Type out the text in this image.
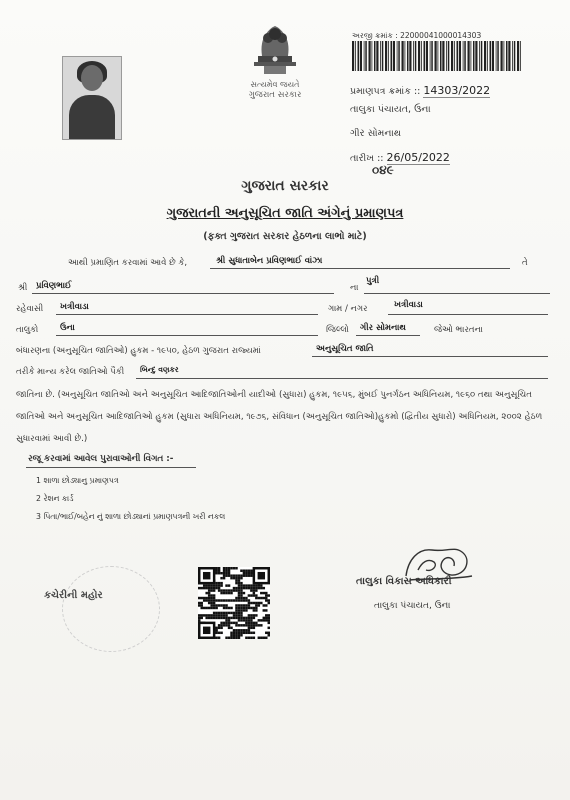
સત્યમેવ જયતે
ગુજરાત સરકાર
અરજી ક્રમાંક : 2200004100001430З
પ્રમાણપત્ર ક્રમાંક :: 14303/2022
તાલુકા પંચાયત, ઉના
ગીર સોમનાથ
તારીખ :: 26/05/2022
૦૪૯
ગુજરાત સરકાર
ગુજરાતની અનુસૂચિત જાતિ અંગેનું પ્રમાણપત્ર
(ફક્ત ગુજરાત સરકાર હેઠળના લાભો માટે)
આથી પ્રમાણિત કરવામાં આવે છે કે,	શ્રી સુધાતાબેન પ્રવિણભાઈ વાંઝા	તે
શ્રી પ્રવિણભાઈ	ના
પુત્રી
રહેવાસી ખત્રીવાડા	ગામ / નગર	ખત્રીવાડા
તાલુકો	ઉના	જિલ્લો ગીર સોમનાથ	જેઓ ભારતના
બંધારણના (અનુસૂચિત જાતિઓ) હુકમ - ૧૯૫૦, હેઠળ ગુજરાત રાજ્યમાં	અનુસૂચિત જાતિ
તરીકે માન્ય કરેલ જાતિઓ પૈકી બિન્દુ વણકર
જાતિના છે. (અનુસૂચિત જાતિઓ અને અનુસૂચિત આદિજાતિઓની યાદીઓ (સુધારા) હુકમ, ૧૯૫૬, મુંબઈ પુનર્ગઠન અધિનિયમ, ૧૯૬૦ તથા અનુસૂચિત જાતિઓ અને અનુસૂચિત આદિજાતિઓ હુકમ (સુધારા અધિનિયમ, ૧૯૭૬, સંવિધાન (અનુસૂચિત જાતિઓ)હુકમો (દ્વિતીય સુધારો) અધિનિયમ, ૨૦૦૨ હેઠળ સુધારવામાં આવી છે.)
રજૂ કરવામાં આવેલ પુરાવાઓની વિગત :-
1 શાળા છોડ્યાનુ પ્રમાણપત્ર
2 રેશન કાર્ડ
3 પિતા/ભાઈ/બહેન નું શાળા છોડ્યાનાં પ્રમાણપત્રની ખરી નકલ
કચેરીની મહોર
તાલુકા વિકાસ અધિકારી
તાલુકા પંચાયત, ઉના
